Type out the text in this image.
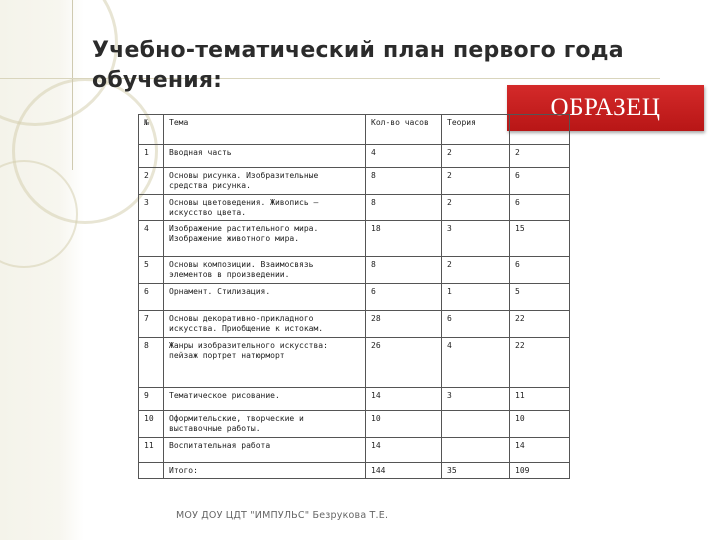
Учебно-тематический план первого года обучения:
ОБРАЗЕЦ
№	Тема	Кол-во часов	Теория	
1	Вводная часть	4	2	2
2	Основы рисунка. Изобразительные средства рисунка.	8	2	6
3	Основы цветоведения. Живопись – искусство цвета.	8	2	6
4	Изображение растительного мира. Изображение животного мира.	18	3	15
5	Основы композиции. Взаимосвязь элементов в произведении.	8	2	6
6	Орнамент. Стилизация.	6	1	5
7	Основы декоративно-прикладного искусства. Приобщение к истокам.	28	6	22
8	Жанры изобразительного искусства: пейзаж портрет натюрморт	26	4	22
9	Тематическое рисование.	14	3	11
10	Оформительские, творческие и выставочные работы.	10		10
11	Воспитательная работа	14		14
	Итого:	144	35	109
МОУ ДОУ ЦДТ "ИМПУЛЬС" Безрукова Т.Е.
